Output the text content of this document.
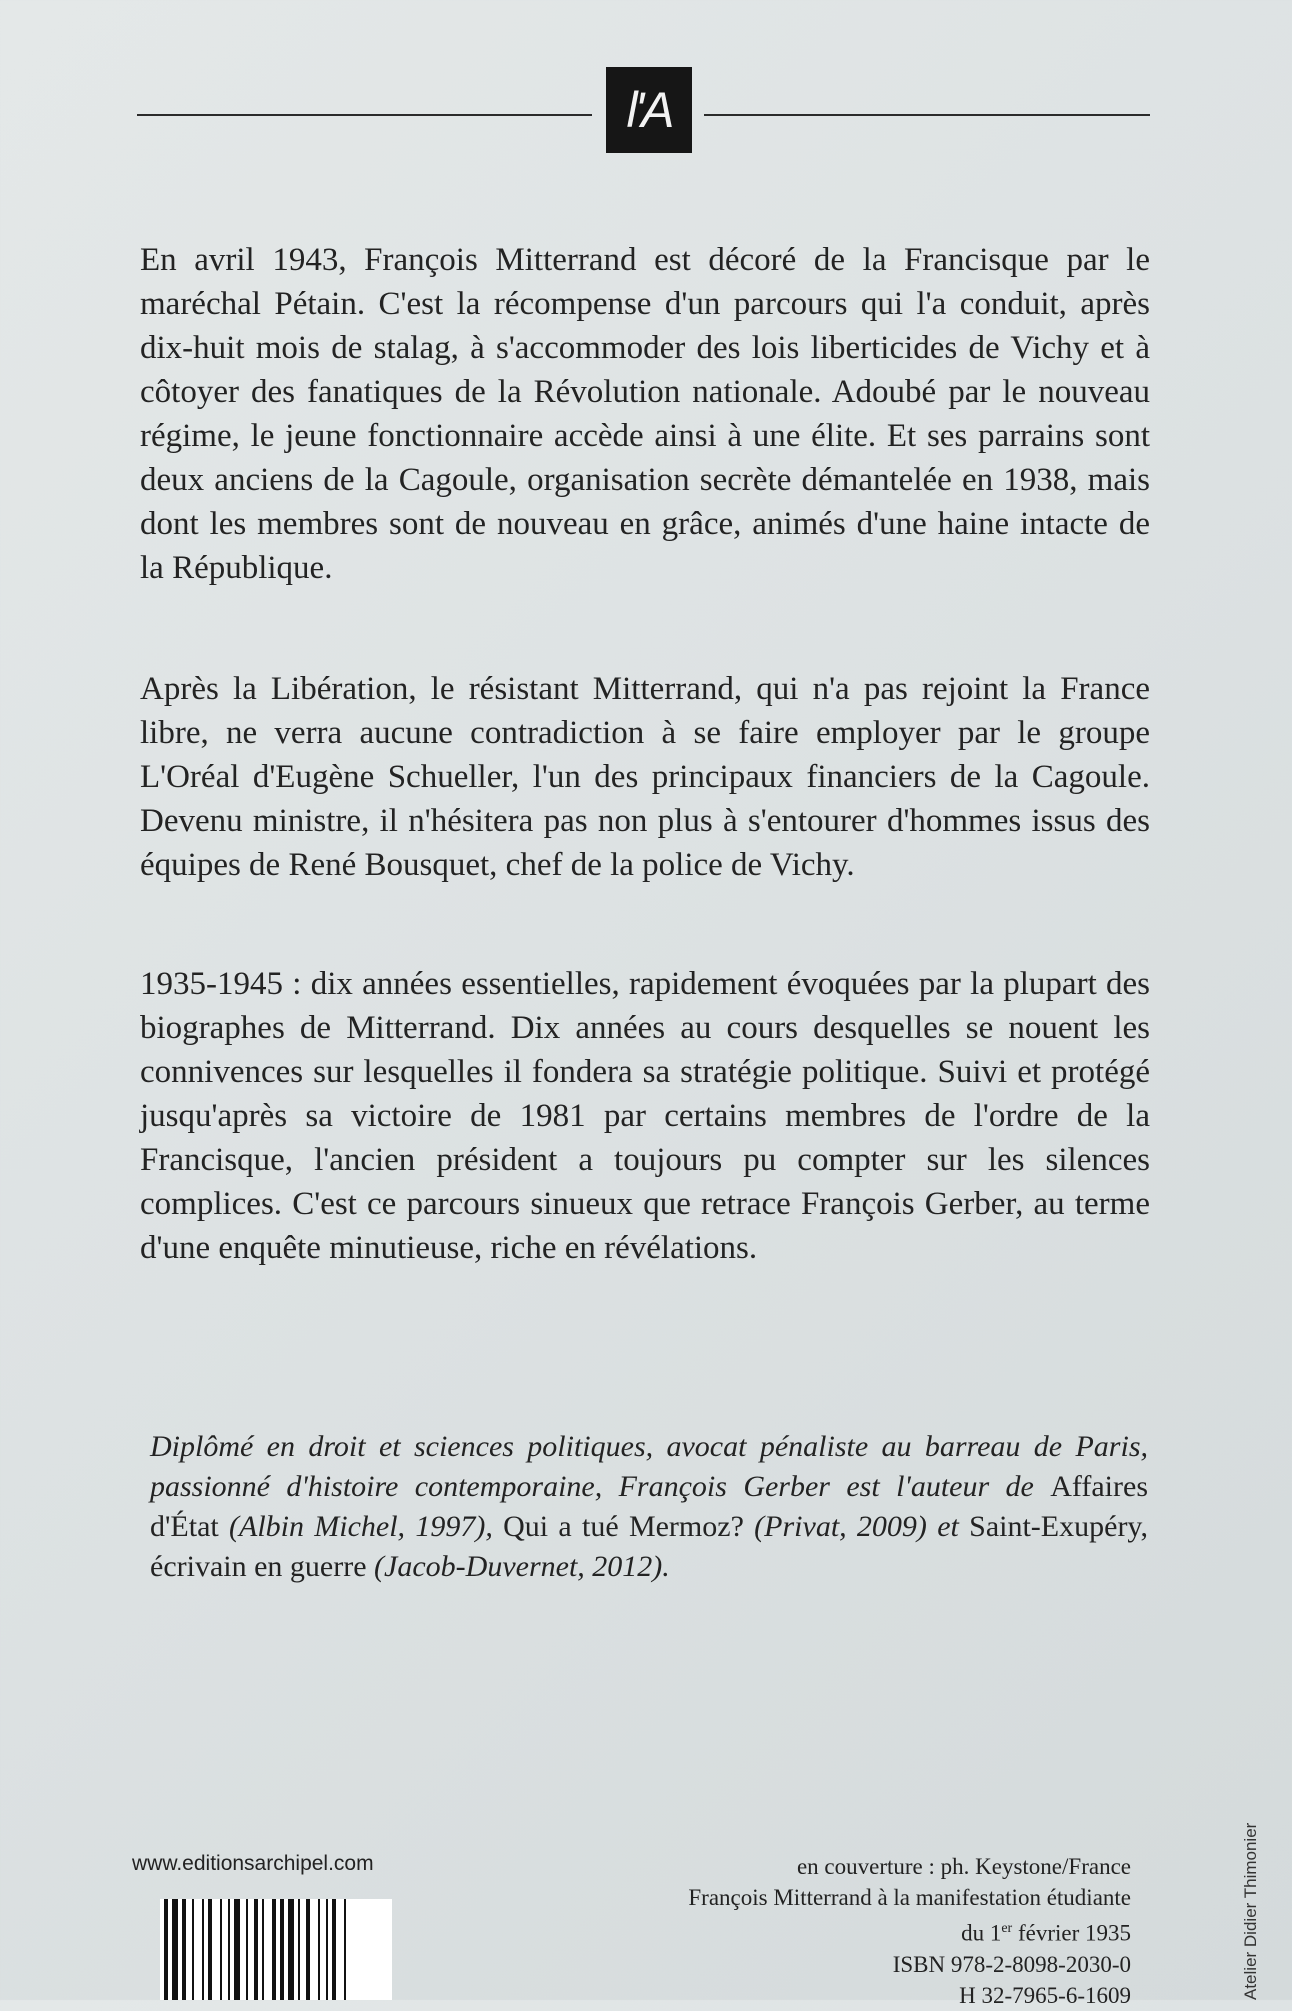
l'A

En avril 1943, François Mitterrand est décoré de la Francisque par le maréchal Pétain. C'est la récompense d'un parcours qui l'a conduit, après dix-huit mois de stalag, à s'accommoder des lois liberticides de Vichy et à côtoyer des fanatiques de la Révolution nationale. Adoubé par le nouveau régime, le jeune fonctionnaire accède ainsi à une élite. Et ses parrains sont deux anciens de la Cagoule, organisation secrète démantelée en 1938, mais dont les membres sont de nouveau en grâce, animés d'une haine intacte de la République.

Après la Libération, le résistant Mitterrand, qui n'a pas rejoint la France libre, ne verra aucune contradiction à se faire employer par le groupe L'Oréal d'Eugène Schueller, l'un des principaux financiers de la Cagoule. Devenu ministre, il n'hésitera pas non plus à s'entourer d'hommes issus des équipes de René Bousquet, chef de la police de Vichy.

1935-1945 : dix années essentielles, rapidement évoquées par la plupart des biographes de Mitterrand. Dix années au cours desquelles se nouent les connivences sur lesquelles il fondera sa stratégie politique. Suivi et protégé jusqu'après sa victoire de 1981 par certains membres de l'ordre de la Francisque, l'ancien président a toujours pu compter sur les silences complices. C'est ce parcours sinueux que retrace François Gerber, au terme d'une enquête minutieuse, riche en révélations.

Diplômé en droit et sciences politiques, avocat pénaliste au barreau de Paris, passionné d'histoire contemporaine, François Gerber est l'auteur de Affaires d'État (Albin Michel, 1997), Qui a tué Mermoz? (Privat, 2009) et Saint-Exupéry, écrivain en guerre (Jacob-Duvernet, 2012).

www.editionsarchipel.com	en couverture : ph. Keystone/France
François Mitterrand à la manifestation étudiante
du 1er février 1935
ISBN 978-2-8098-2030-0
H 32-7965-6-1609	Atelier Didier Thimonier
